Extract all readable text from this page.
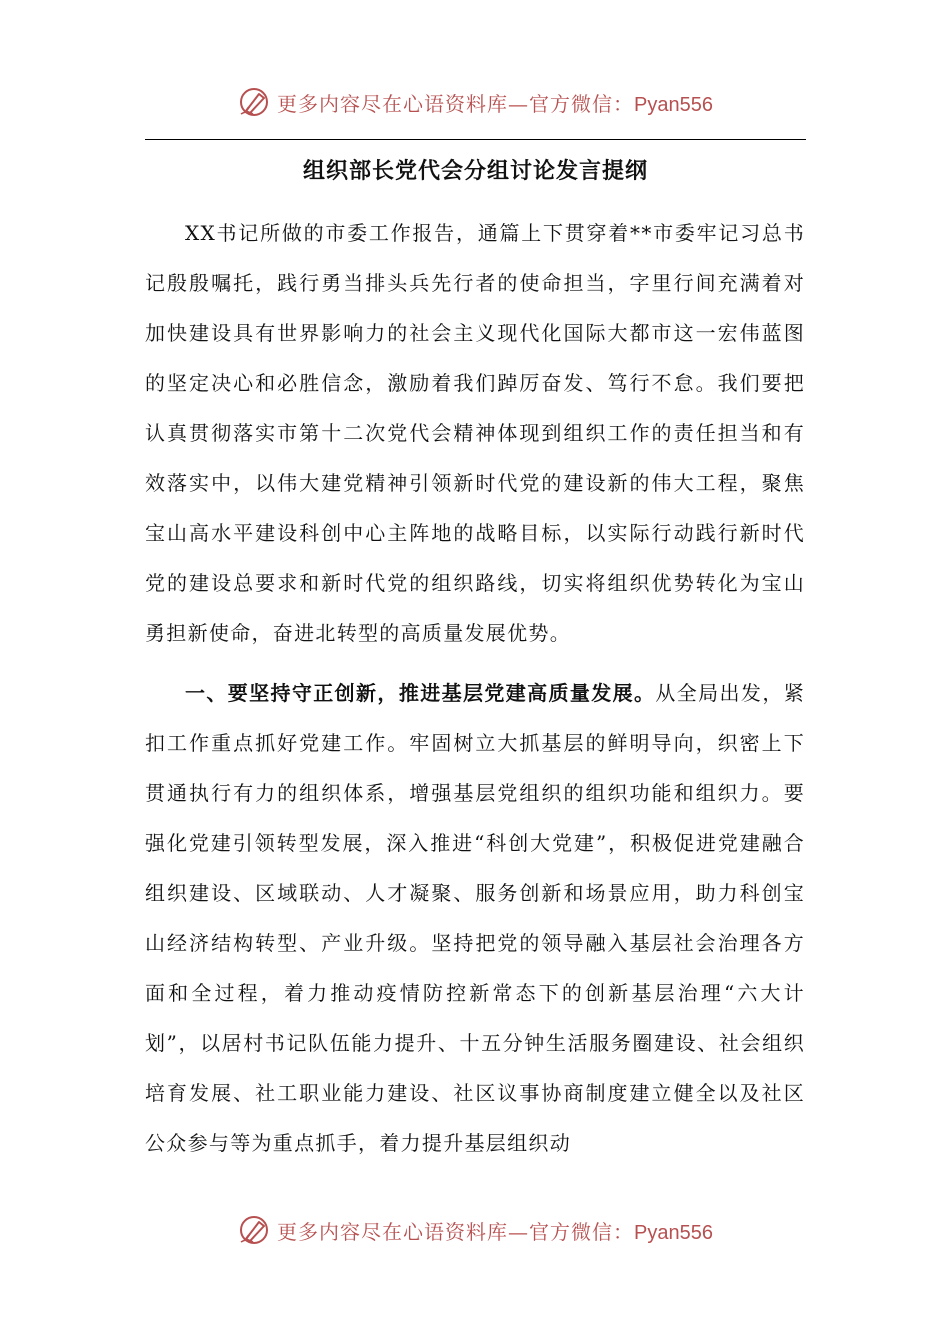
更多内容尽在心语资料库—官方微信：Pyan556
组织部长党代会分组讨论发言提纲

XX书记所做的市委工作报告，通篇上下贯穿着**市委牢记习总书记殷殷嘱托，践行勇当排头兵先行者的使命担当，字里行间充满着对加快建设具有世界影响力的社会主义现代化国际大都市这一宏伟蓝图的坚定决心和必胜信念，激励着我们踔厉奋发、笃行不怠。我们要把认真贯彻落实市第十二次党代会精神体现到组织工作的责任担当和有效落实中，以伟大建党精神引领新时代党的建设新的伟大工程，聚焦宝山高水平建设科创中心主阵地的战略目标，以实际行动践行新时代党的建设总要求和新时代党的组织路线，切实将组织优势转化为宝山勇担新使命，奋进北转型的高质量发展优势。

一、要坚持守正创新，推进基层党建高质量发展。从全局出发，紧扣工作重点抓好党建工作。牢固树立大抓基层的鲜明导向，织密上下贯通执行有力的组织体系，增强基层党组织的组织功能和组织力。要强化党建引领转型发展，深入推进“科创大党建”，积极促进党建融合组织建设、区域联动、人才凝聚、服务创新和场景应用，助力科创宝山经济结构转型、产业升级。坚持把党的领导融入基层社会治理各方面和全过程，着力推动疫情防控新常态下的创新基层治理“六大计划”，以居村书记队伍能力提升、十五分钟生活服务圈建设、社会组织培育发展、社工职业能力建设、社区议事协商制度建立健全以及社区公众参与等为重点抓手，着力提升基层组织动

更多内容尽在心语资料库—官方微信：Pyan556
